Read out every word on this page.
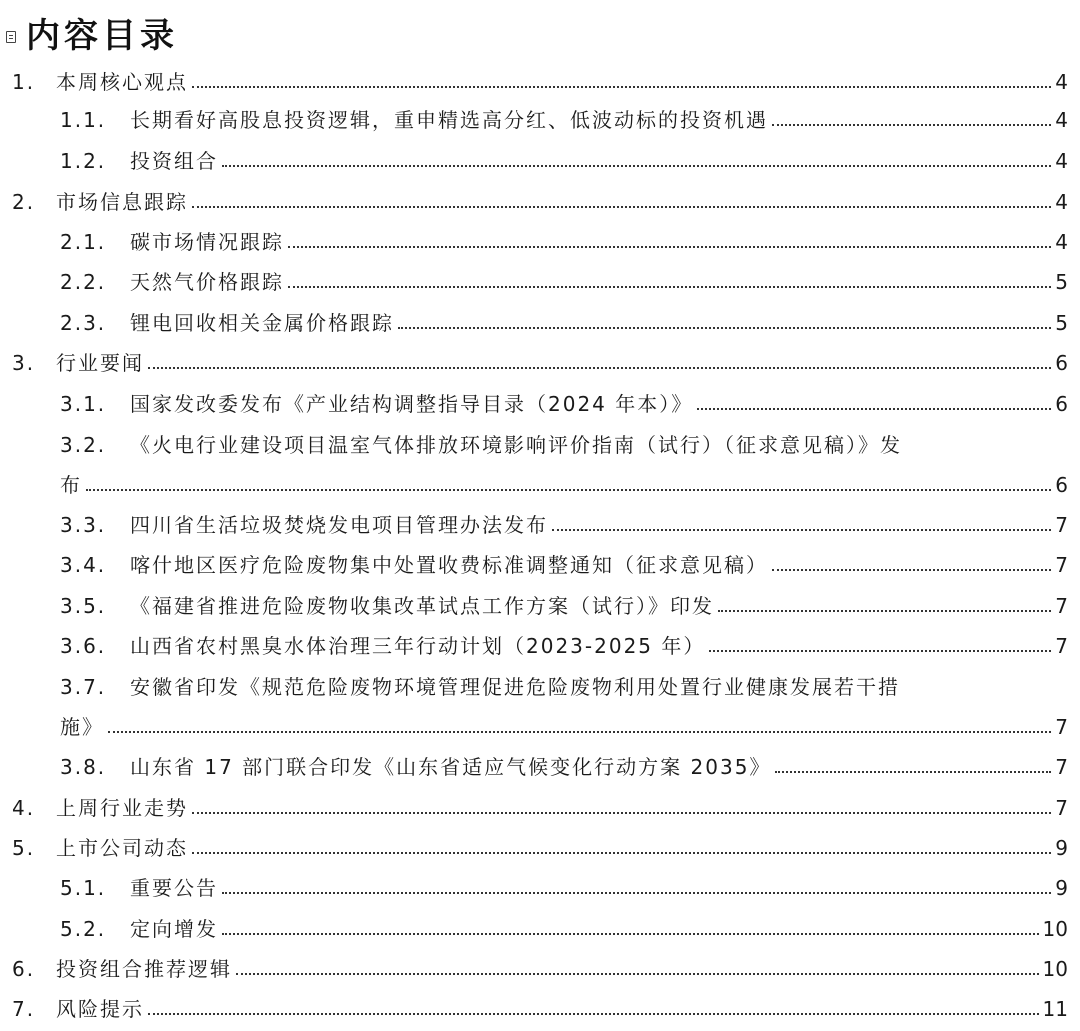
内容目录
1.	本周核心观点	4
1.1.	长期看好高股息投资逻辑，重申精选高分红、低波动标的投资机遇	4
1.2.	投资组合	4
2.	市场信息跟踪	4
2.1.	碳市场情况跟踪	4
2.2.	天然气价格跟踪	5
2.3.	锂电回收相关金属价格跟踪	5
3.	行业要闻	6
3.1.	国家发改委发布《产业结构调整指导目录（2024 年本）》	6
3.2. 《火电行业建设项目温室气体排放环境影响评价指南（试行）（征求意见稿）》发
布	6
3.3.	四川省生活垃圾焚烧发电项目管理办法发布	7
3.4.	喀什地区医疗危险废物集中处置收费标准调整通知（征求意见稿）	7
3.5.	《福建省推进危险废物收集改革试点工作方案（试行）》印发	7
3.6.	山西省农村黑臭水体治理三年行动计划（2023-2025 年）	7
3.7. 安徽省印发《规范危险废物环境管理促进危险废物利用处置行业健康发展若干措
施》	7
3.8.	山东省 17 部门联合印发《山东省适应气候变化行动方案 2035》	7
4.	上周行业走势	7
5.	上市公司动态	9
5.1.	重要公告	9
5.2.	定向增发	10
6.	投资组合推荐逻辑	10
7.	风险提示	11
